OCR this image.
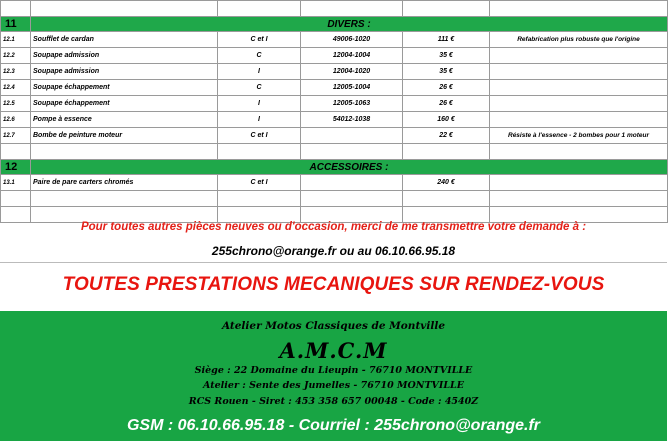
11	DIVERS :				
12.1	Soufflet de cardan	C et I	49006-1020	111 €	Refabrication plus robuste que l'origine
12.2	Soupape admission	C	12004-1004	35 €	
12.3	Soupape admission	I	12004-1020	35 €	
12.4	Soupape échappement	C	12005-1004	26 €	
12.5	Soupape échappement	I	12005-1063	26 €	
12.6	Pompe à essence	I	54012-1038	160 €	
12.7	Bombe de peinture moteur	C et I		22 €	Résiste à l'essence - 2 bombes pour 1 moteur

12	ACCESSOIRES :				
13.1	Paire de pare carters chromés	C et I		240 €	

Pour toutes autres pièces neuves ou d'occasion, merci de me transmettre votre demande à :
255chrono@orange.fr ou au 06.10.66.95.18
TOUTES PRESTATIONS MECANIQUES SUR RENDEZ-VOUS
Atelier Motos Classiques de Montville
A.M.C.M
Siège : 22 Domaine du Lieupin - 76710 MONTVILLE
Atelier : Sente des Jumelles - 76710 MONTVILLE
RCS Rouen - Siret : 453 358 657 00048 - Code : 4540Z
GSM : 06.10.66.95.18 - Courriel : 255chrono@orange.fr
